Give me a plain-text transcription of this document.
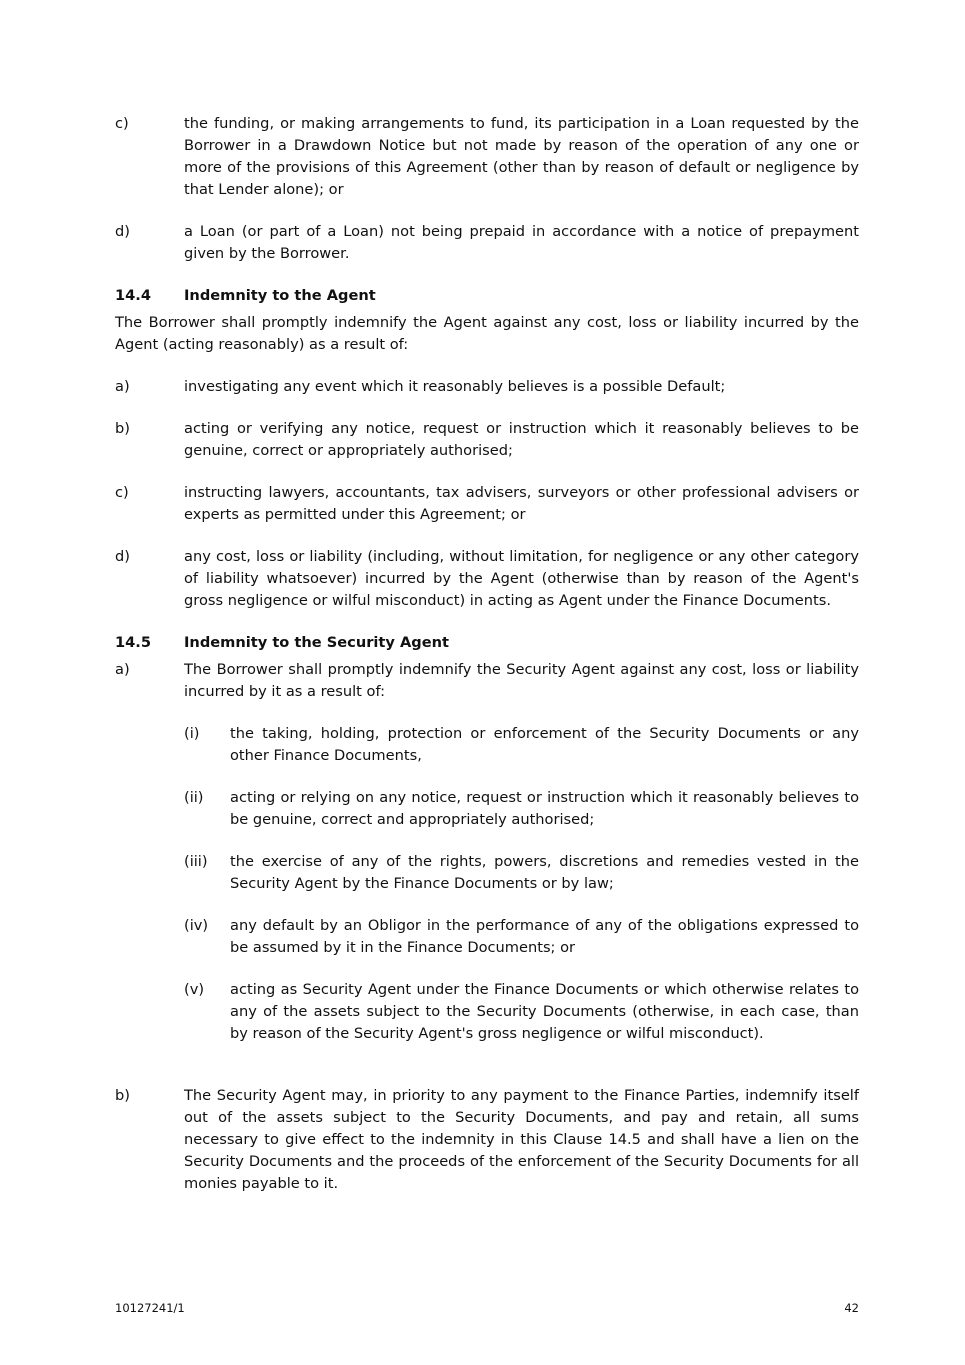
c)	the funding, or making arrangements to fund, its participation in a Loan requested by the Borrower in a Drawdown Notice but not made by reason of the operation of any one or more of the provisions of this Agreement (other than by reason of default or negligence by that Lender alone); or
d)	a Loan (or part of a Loan) not being prepaid in accordance with a notice of prepayment given by the Borrower.
14.4	Indemnity to the Agent
The Borrower shall promptly indemnify the Agent against any cost, loss or liability incurred by the Agent (acting reasonably) as a result of:
a)	investigating any event which it reasonably believes is a possible Default;
b)	acting or verifying any notice, request or instruction which it reasonably believes to be genuine, correct or appropriately authorised;
c)	instructing lawyers, accountants, tax advisers, surveyors or other professional advisers or experts as permitted under this Agreement; or
d)	any cost, loss or liability (including, without limitation, for negligence or any other category of liability whatsoever) incurred by the Agent (otherwise than by reason of the Agent's gross negligence or wilful misconduct) in acting as Agent under the Finance Documents.
14.5	Indemnity to the Security Agent
a)	The Borrower shall promptly indemnify the Security Agent against any cost, loss or liability incurred by it as a result of:
(i)	the taking, holding, protection or enforcement of the Security Documents or any other Finance Documents,
(ii)	acting or relying on any notice, request or instruction which it reasonably believes to be genuine, correct and appropriately authorised;
(iii)	the exercise of any of the rights, powers, discretions and remedies vested in the Security Agent by the Finance Documents or by law;
(iv)	any default by an Obligor in the performance of any of the obligations expressed to be assumed by it in the Finance Documents; or
(v)	acting as Security Agent under the Finance Documents or which otherwise relates to any of the assets subject to the Security Documents (otherwise, in each case, than by reason of the Security Agent's gross negligence or wilful misconduct).
b)	The Security Agent may, in priority to any payment to the Finance Parties, indemnify itself out of the assets subject to the Security Documents, and pay and retain, all sums necessary to give effect to the indemnity in this Clause 14.5 and shall have a lien on the Security Documents and the proceeds of the enforcement of the Security Documents for all monies payable to it.
10127241/1	42
